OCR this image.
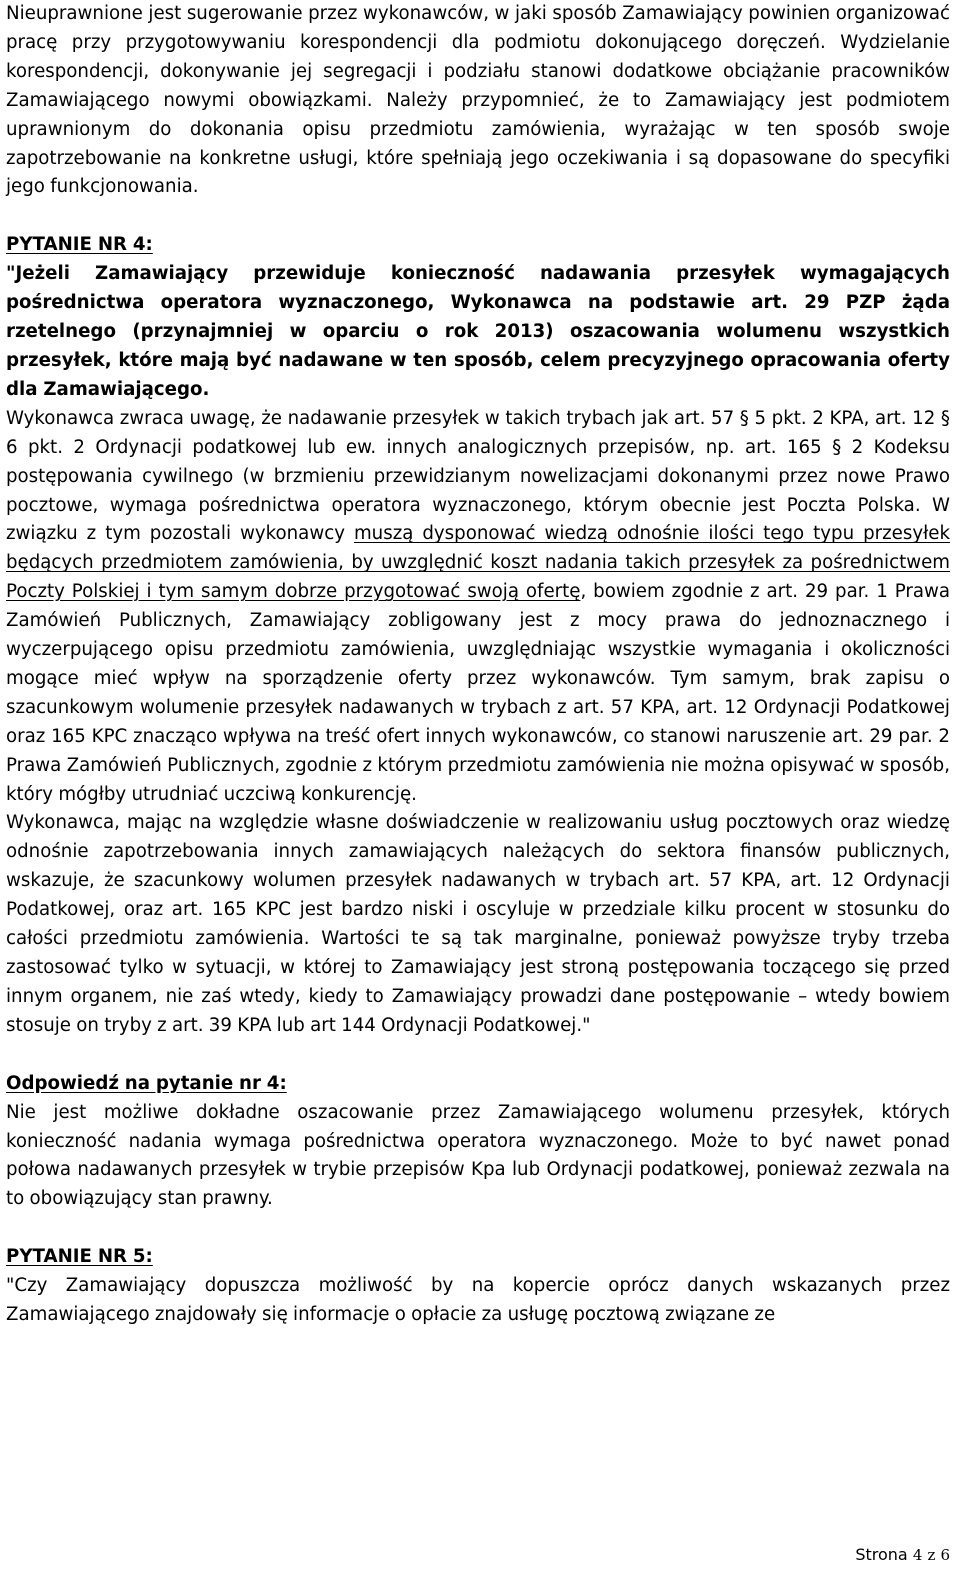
Nieuprawnione jest sugerowanie przez wykonawców, w jaki sposób Zamawiający powinien organizować pracę przy przygotowywaniu korespondencji dla podmiotu dokonującego doręczeń. Wydzielanie korespondencji, dokonywanie jej segregacji i podziału stanowi dodatkowe obciążanie pracowników Zamawiającego nowymi obowiązkami. Należy przypomnieć, że to Zamawiający jest podmiotem uprawnionym do dokonania opisu przedmiotu zamówienia, wyrażając w ten sposób swoje zapotrzebowanie na konkretne usługi, które spełniają jego oczekiwania i są dopasowane do specyfiki jego funkcjonowania.

PYTANIE NR 4:

"Jeżeli Zamawiający przewiduje konieczność nadawania przesyłek wymagających pośrednictwa operatora wyznaczonego, Wykonawca na podstawie art. 29 PZP żąda rzetelnego (przynajmniej w oparciu o rok 2013) oszacowania wolumenu wszystkich przesyłek, które mają być nadawane w ten sposób, celem precyzyjnego opracowania oferty dla Zamawiającego.

Wykonawca zwraca uwagę, że nadawanie przesyłek w takich trybach jak art. 57 § 5 pkt. 2 KPA, art. 12 § 6 pkt. 2 Ordynacji podatkowej lub ew. innych analogicznych przepisów, np. art. 165 § 2 Kodeksu postępowania cywilnego (w brzmieniu przewidzianym nowelizacjami dokonanymi przez nowe Prawo pocztowe, wymaga pośrednictwa operatora wyznaczonego, którym obecnie jest Poczta Polska. W związku z tym pozostali wykonawcy muszą dysponować wiedzą odnośnie ilości tego typu przesyłek będących przedmiotem zamówienia, by uwzględnić koszt nadania takich przesyłek za pośrednictwem Poczty Polskiej i tym samym dobrze przygotować swoją ofertę, bowiem zgodnie z art. 29 par. 1 Prawa Zamówień Publicznych, Zamawiający zobligowany jest z mocy prawa do jednoznacznego i wyczerpującego opisu przedmiotu zamówienia, uwzględniając wszystkie wymagania i okoliczności mogące mieć wpływ na sporządzenie oferty przez wykonawców. Tym samym, brak zapisu o szacunkowym wolumenie przesyłek nadawanych w trybach z art. 57 KPA, art. 12 Ordynacji Podatkowej oraz 165 KPC znacząco wpływa na treść ofert innych wykonawców, co stanowi naruszenie art. 29 par. 2 Prawa Zamówień Publicznych, zgodnie z którym przedmiotu zamówienia nie można opisywać w sposób, który mógłby utrudniać uczciwą konkurencję.

Wykonawca, mając na względzie własne doświadczenie w realizowaniu usług pocztowych oraz wiedzę odnośnie zapotrzebowania innych zamawiających należących do sektora finansów publicznych, wskazuje, że szacunkowy wolumen przesyłek nadawanych w trybach art. 57 KPA, art. 12 Ordynacji Podatkowej, oraz art. 165 KPC jest bardzo niski i oscyluje w przedziale kilku procent w stosunku do całości przedmiotu zamówienia. Wartości te są tak marginalne, ponieważ powyższe tryby trzeba zastosować tylko w sytuacji, w której to Zamawiający jest stroną postępowania toczącego się przed innym organem, nie zaś wtedy, kiedy to Zamawiający prowadzi dane postępowanie – wtedy bowiem stosuje on tryby z art. 39 KPA lub art 144 Ordynacji Podatkowej."

Odpowiedź na pytanie nr 4:

Nie jest możliwe dokładne oszacowanie przez Zamawiającego wolumenu przesyłek, których konieczność nadania wymaga pośrednictwa operatora wyznaczonego. Może to być nawet ponad połowa nadawanych przesyłek w trybie przepisów Kpa lub Ordynacji podatkowej, ponieważ zezwala na to obowiązujący stan prawny.

PYTANIE NR 5:

"Czy Zamawiający dopuszcza możliwość by na kopercie oprócz danych wskazanych przez Zamawiającego znajdowały się informacje o opłacie za usługę pocztową związane ze

Strona 4 z 6
